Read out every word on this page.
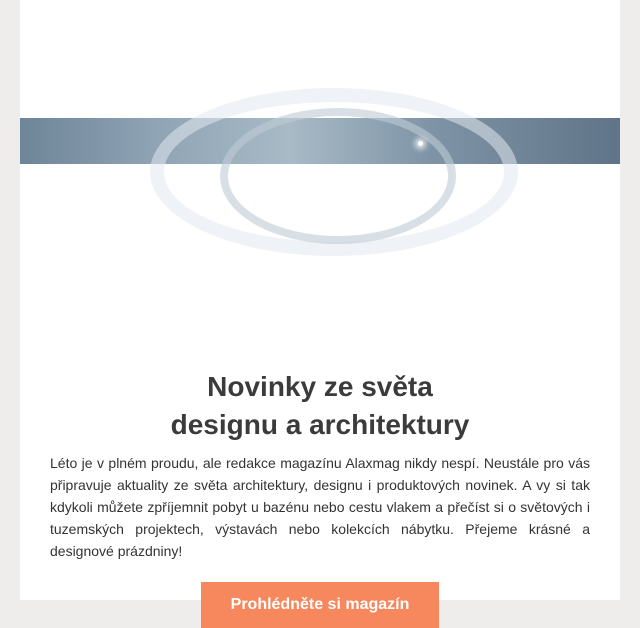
Novinky ze světa
designu a architektury

Léto je v plném proudu, ale redakce magazínu Alaxmag nikdy nespí. Neustále pro vás připravuje aktuality ze světa architektury, designu i produktových novinek. A vy si tak kdykoli můžete zpříjemnit pobyt u bazénu nebo cestu vlakem a přečíst si o světových i tuzemských projektech, výstavách nebo kolekcích nábytku. Přejeme krásné a designové prázdniny!

Prohlédněte si magazín
